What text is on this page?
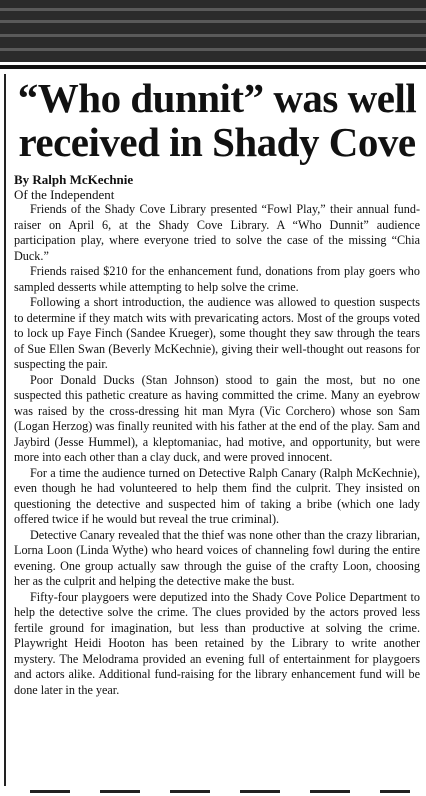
“Who dunnit” was well
received in Shady Cove

By Ralph McKechnie

Of the Independent

Friends of the Shady Cove Library presented “Fowl Play,” their annual fund-raiser on April 6, at the Shady Cove Library. A “Who Dunnit” audience participation play, where everyone tried to solve the case of the missing “Chia Duck.”

Friends raised $210 for the enhancement fund, donations from play goers who sampled desserts while attempting to help solve the crime.

Following a short introduction, the audience was allowed to question suspects to determine if they match wits with prevaricating actors. Most of the groups voted to lock up Faye Finch (Sandee Krueger), some thought they saw through the tears of Sue Ellen Swan (Beverly McKechnie), giving their well-thought out reasons for suspecting the pair.

Poor Donald Ducks (Stan Johnson) stood to gain the most, but no one suspected this pathetic creature as having committed the crime. Many an eyebrow was raised by the cross-dressing hit man Myra (Vic Corchero) whose son Sam (Logan Herzog) was finally reunited with his father at the end of the play. Sam and Jaybird (Jesse Hummel), a kleptomaniac, had motive, and opportunity, but were more into each other than a clay duck, and were proved innocent.

For a time the audience turned on Detective Ralph Canary (Ralph McKechnie), even though he had volunteered to help them find the culprit. They insisted on questioning the detective and suspected him of taking a bribe (which one lady offered twice if he would but reveal the true criminal).

Detective Canary revealed that the thief was none other than the crazy librarian, Lorna Loon (Linda Wythe) who heard voices of channeling fowl during the entire evening. One group actually saw through the guise of the crafty Loon, choosing her as the culprit and helping the detective make the bust.

Fifty-four playgoers were deputized into the Shady Cove Police Department to help the detective solve the crime. The clues provided by the actors proved less fertile ground for imagination, but less than productive at solving the crime. Playwright Heidi Hooton has been retained by the Library to write another mystery. The Melodrama provided an evening full of entertainment for playgoers and actors alike. Additional fund-raising for the library enhancement fund will be done later in the year.
